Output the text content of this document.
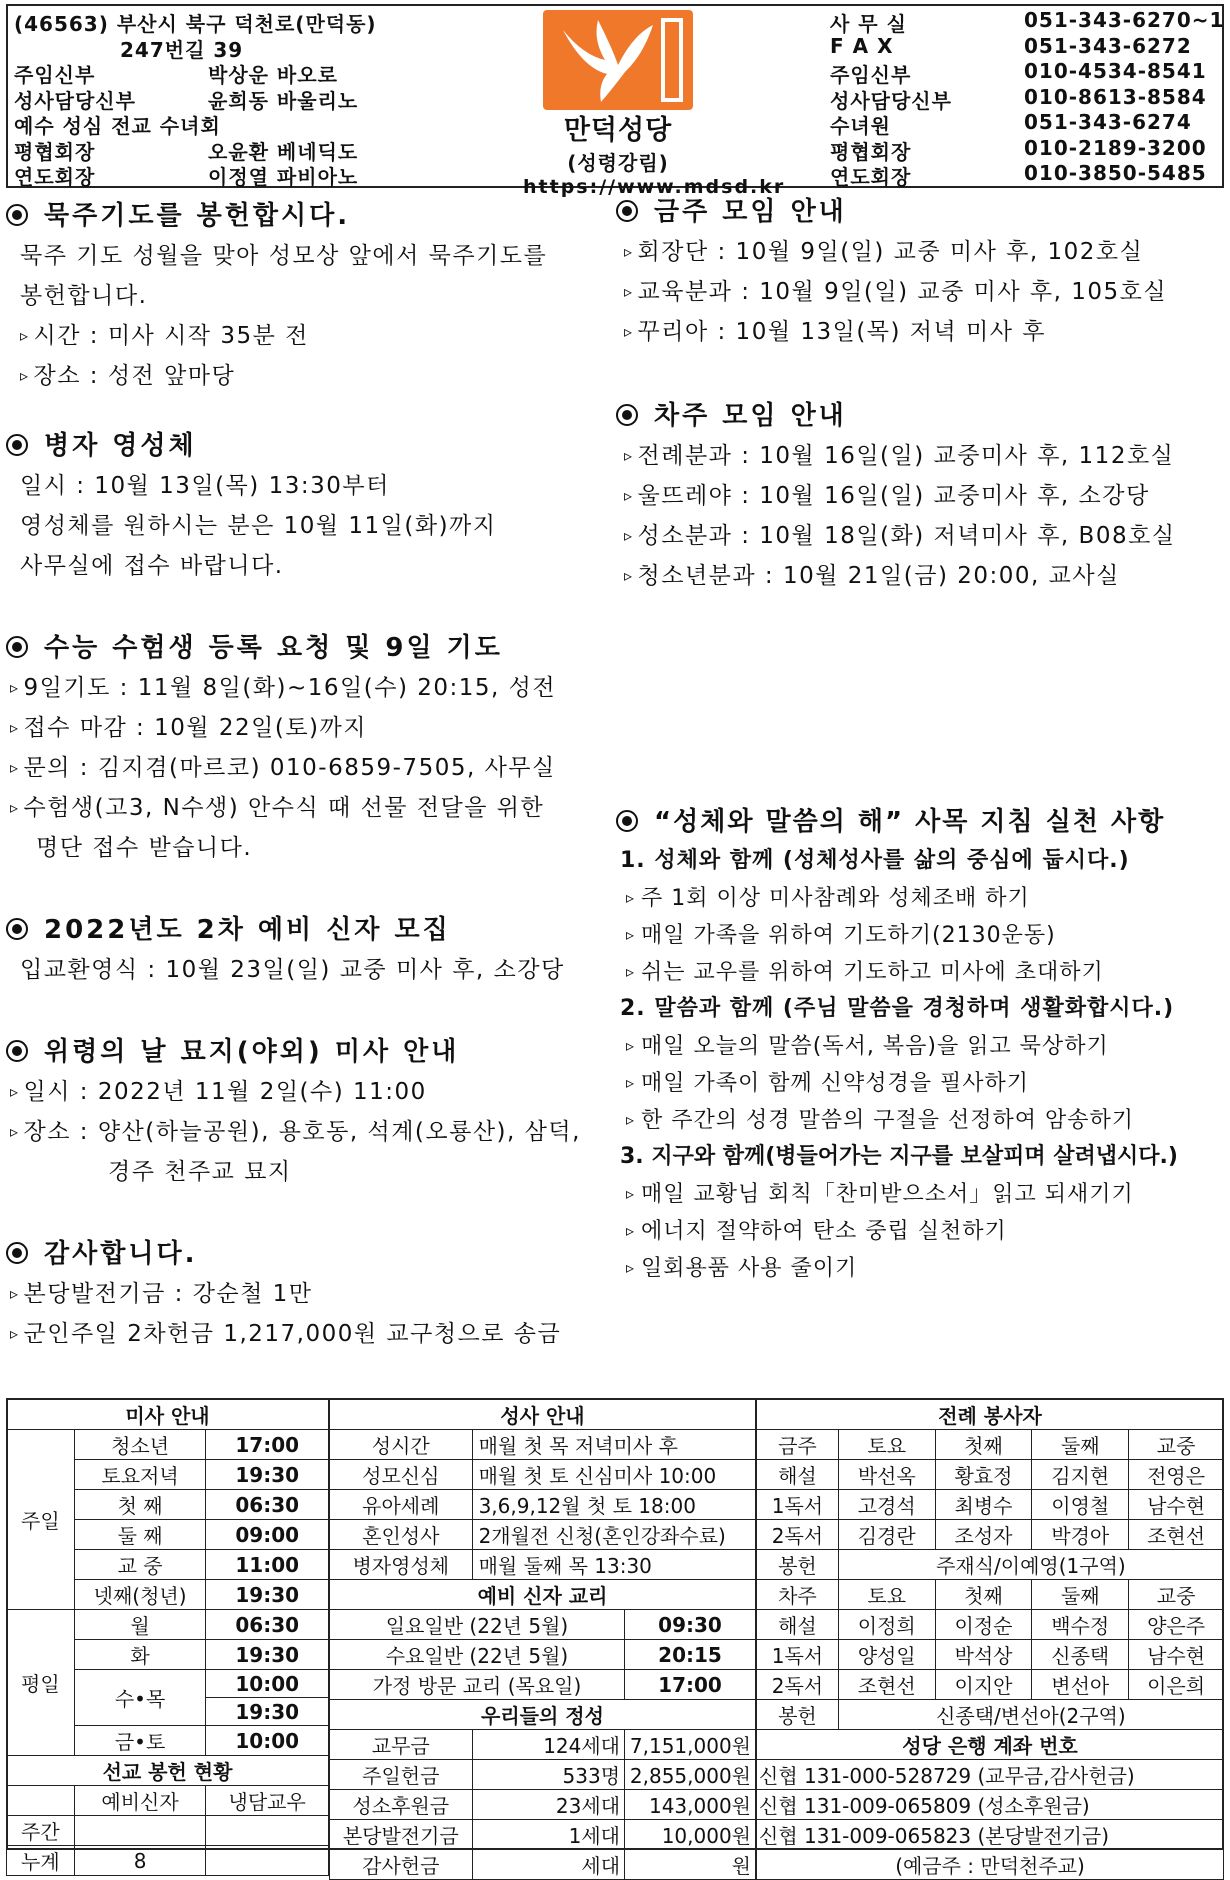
(46563) 부산시 북구 덕천로(만덕동)
247번길 39
주임신부	박상운 바오로
성사담당신부	윤희동 바울리노
예수 성심 전교 수녀회
평협회장	오윤환 베네딕도
연도회장	이정열 파비아노
만덕성당
(성령강림)
https://www.mdsd.kr
사 무 실	051-343-6270~1
F A X	051-343-6272
주임신부	010-4534-8541
성사담당신부	010-8613-8584
수녀원	051-343-6274
평협회장	010-2189-3200
연도회장	010-3850-5485
묵주기도를 봉헌합시다.
묵주 기도 성월을 맞아 성모상 앞에서 묵주기도를
봉헌합니다.
▹ 시간 : 미사 시작 35분 전
▹ 장소 : 성전 앞마당
병자 영성체
일시 : 10월 13일(목) 13:30부터
영성체를 원하시는 분은 10월 11일(화)까지
사무실에 접수 바랍니다.
수능 수험생 등록 요청 및 9일 기도
▹ 9일기도 : 11월 8일(화)~16일(수) 20:15, 성전
▹ 접수 마감 : 10월 22일(토)까지
▹ 문의 : 김지겸(마르코) 010-6859-7505, 사무실
▹ 수험생(고3, N수생) 안수식 때 선물 전달을 위한
명단 접수 받습니다.
2022년도 2차 예비 신자 모집
입교환영식 : 10월 23일(일) 교중 미사 후, 소강당
위령의 날 묘지(야외) 미사 안내
▹ 일시 : 2022년 11월 2일(수) 11:00
▹ 장소 : 양산(하늘공원), 용호동, 석계(오룡산), 삼덕,
경주 천주교 묘지
감사합니다.
▹ 본당발전기금 : 강순철 1만
▹ 군인주일 2차헌금 1,217,000원 교구청으로 송금
금주 모임 안내
▹ 회장단 : 10월 9일(일) 교중 미사 후, 102호실
▹ 교육분과 : 10월 9일(일) 교중 미사 후, 105호실
▹ 꾸리아 : 10월 13일(목) 저녁 미사 후
차주 모임 안내
▹ 전례분과 : 10월 16일(일) 교중미사 후, 112호실
▹ 울뜨레야 : 10월 16일(일) 교중미사 후, 소강당
▹ 성소분과 : 10월 18일(화) 저녁미사 후, B08호실
▹ 청소년분과 : 10월 21일(금) 20:00, 교사실
“성체와 말씀의 해” 사목 지침 실천 사항
1. 성체와 함께 (성체성사를 삶의 중심에 둡시다.)
▹ 주 1회 이상 미사참례와 성체조배 하기
▹ 매일 가족을 위하여 기도하기(2130운동)
▹ 쉬는 교우를 위하여 기도하고 미사에 초대하기
2. 말씀과 함께 (주님 말씀을 경청하며 생활화합시다.)
▹ 매일 오늘의 말씀(독서, 복음)을 읽고 묵상하기
▹ 매일 가족이 함께 신약성경을 필사하기
▹ 한 주간의 성경 말씀의 구절을 선정하여 암송하기
3. 지구와 함께(병들어가는 지구를 보살피며 살려냅시다.)
▹ 매일 교황님 회칙「찬미받으소서」읽고 되새기기
▹ 에너지 절약하여 탄소 중립 실천하기
▹ 일회용품 사용 줄이기
미사 안내		
주일	청소년	17:00
	토요저녁	19:30
	첫 째	06:30
	둘 째	09:00
	교 중	11:00
	넷째(청년)	19:30
평일	월	06:30
	화	19:30
	수•목	10:00
		19:30
	금•토	10:00
선교 봉헌 현황		
	예비신자	냉담교우
주간		
누계	8	
성사 안내		
성시간	매월 첫 목 저녁미사 후	
성모신심	매월 첫 토 신심미사 10:00	
유아세례	3,6,9,12월 첫 토 18:00	
혼인성사	2개월전 신청(혼인강좌수료)	
병자영성체	매월 둘째 목 13:30	
예비 신자 교리		
일요일반 (22년 5월)		09:30
수요일반 (22년 5월)		20:15
가정 방문 교리 (목요일)		17:00
우리들의 정성		
교무금	124세대	7,151,000원
주일헌금	533명	2,855,000원
성소후원금	23세대	143,000원
본당발전기금	1세대	10,000원
감사헌금	세대	원
전례 봉사자				
금주	토요	첫째	둘째	교중
해설	박선옥	황효정	김지현	전영은
1독서	고경석	최병수	이영철	남수현
2독서	김경란	조성자	박경아	조현선
봉헌	주재식/이예영(1구역)			
차주	토요	첫째	둘째	교중
해설	이정희	이정순	백수정	양은주
1독서	양성일	박석상	신종택	남수현
2독서	조현선	이지안	변선아	이은희
봉헌	신종택/변선아(2구역)			
성당 은행 계좌 번호				
신협 131-000-528729 (교무금,감사헌금)				
신협 131-009-065809 (성소후원금)				
신협 131-009-065823 (본당발전기금)				
(예금주 : 만덕천주교)				
